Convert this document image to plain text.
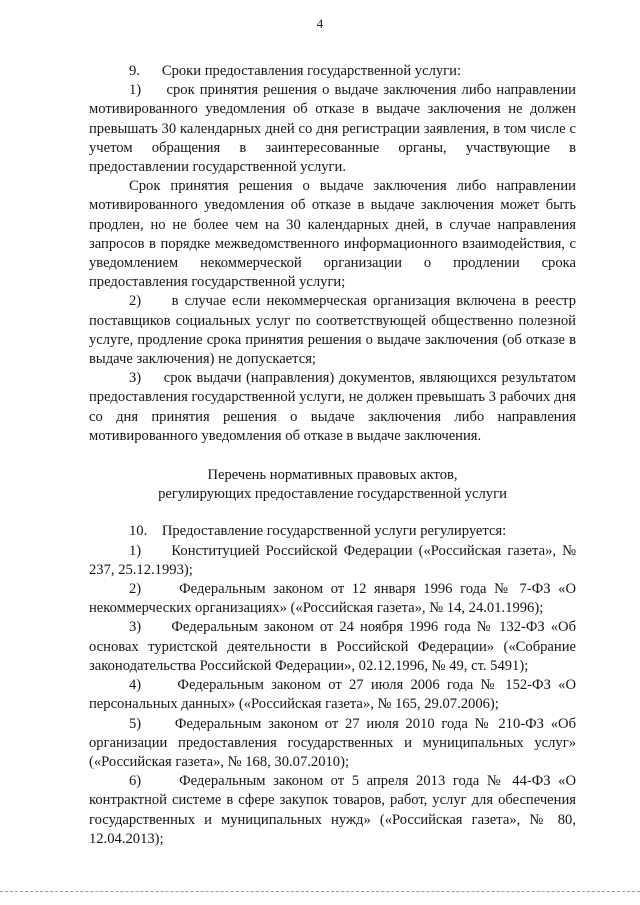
4

9.      Сроки предоставления государственной услуги:

1)     срок принятия решения о выдаче заключения либо направлении мотивированного уведомления об отказе в выдаче заключения не должен превышать 30 календарных дней со дня регистрации заявления, в том числе с учетом обращения в заинтересованные органы, участвующие в предоставлении государственной услуги.

Срок принятия решения о выдаче заключения либо направлении мотивированного уведомления об отказе в выдаче заключения может быть продлен, но не более чем на 30 календарных дней, в случае направления запросов в порядке межведомственного информационного взаимодействия, с уведомлением некоммерческой организации о продлении срока предоставления государственной услуги;

2)     в случае если некоммерческая организация включена в реестр поставщиков социальных услуг по соответствующей общественно полезной услуге, продление срока принятия решения о выдаче заключения (об отказе в выдаче заключения) не допускается;

3)     срок выдачи (направления) документов, являющихся результатом предоставления государственной услуги, не должен превышать 3 рабочих дня со дня принятия решения о выдаче заключения либо направления мотивированного уведомления об отказе в выдаче заключения.

Перечень нормативных правовых актов,

регулирующих предоставление государственной услуги

10.    Предоставление государственной услуги регулируется:

1)     Конституцией Российской Федерации («Российская газета», № 237, 25.12.1993);

2)     Федеральным законом от 12 января 1996 года № 7-ФЗ «О некоммерческих организациях» («Российская газета», № 14, 24.01.1996);

3)     Федеральным законом от 24 ноября 1996 года № 132-ФЗ «Об основах туристской деятельности в Российской Федерации» («Собрание законодательства Российской Федерации», 02.12.1996, № 49, ст. 5491);

4)     Федеральным законом от 27 июля 2006 года № 152-ФЗ «О персональных данных» («Российская газета», № 165, 29.07.2006);

5)     Федеральным законом от 27 июля 2010 года № 210-ФЗ «Об организации предоставления государственных и муниципальных услуг» («Российская газета», № 168, 30.07.2010);

6)     Федеральным законом от 5 апреля 2013 года № 44-ФЗ «О контрактной системе в сфере закупок товаров, работ, услуг для обеспечения государственных и муниципальных нужд» («Российская газета», № 80, 12.04.2013);
